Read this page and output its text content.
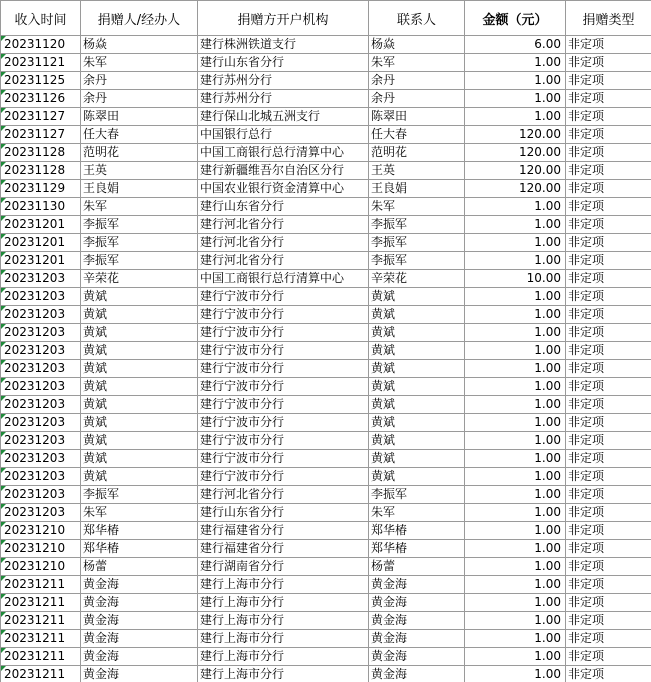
收入时间	捐赠人/经办人	捐赠方开户机构	联系人	金额（元）	捐赠类型

20231120	杨焱	建行株洲铁道支行	杨焱	6.00	非定项

20231121	朱军	建行山东省分行	朱军	1.00	非定项

20231125	余丹	建行苏州分行	余丹	1.00	非定项

20231126	余丹	建行苏州分行	余丹	1.00	非定项

20231127	陈翠田	建行保山北城五洲支行	陈翠田	1.00	非定项

20231127	任大春	中国银行总行	任大春	120.00	非定项

20231128	范明花	中国工商银行总行清算中心	范明花	120.00	非定项

20231128	王英	建行新疆维吾尔自治区分行	王英	120.00	非定项

20231129	王良娟	中国农业银行资金清算中心	王良娟	120.00	非定项

20231130	朱军	建行山东省分行	朱军	1.00	非定项

20231201	李振军	建行河北省分行	李振军	1.00	非定项

20231201	李振军	建行河北省分行	李振军	1.00	非定项

20231201	李振军	建行河北省分行	李振军	1.00	非定项

20231203	辛荣花	中国工商银行总行清算中心	辛荣花	10.00	非定项

20231203	黄斌	建行宁波市分行	黄斌	1.00	非定项

20231203	黄斌	建行宁波市分行	黄斌	1.00	非定项

20231203	黄斌	建行宁波市分行	黄斌	1.00	非定项

20231203	黄斌	建行宁波市分行	黄斌	1.00	非定项

20231203	黄斌	建行宁波市分行	黄斌	1.00	非定项

20231203	黄斌	建行宁波市分行	黄斌	1.00	非定项

20231203	黄斌	建行宁波市分行	黄斌	1.00	非定项

20231203	黄斌	建行宁波市分行	黄斌	1.00	非定项

20231203	黄斌	建行宁波市分行	黄斌	1.00	非定项

20231203	黄斌	建行宁波市分行	黄斌	1.00	非定项

20231203	黄斌	建行宁波市分行	黄斌	1.00	非定项

20231203	李振军	建行河北省分行	李振军	1.00	非定项

20231203	朱军	建行山东省分行	朱军	1.00	非定项

20231210	郑华椿	建行福建省分行	郑华椿	1.00	非定项

20231210	郑华椿	建行福建省分行	郑华椿	1.00	非定项

20231210	杨蕾	建行湖南省分行	杨蕾	1.00	非定项

20231211	黄金海	建行上海市分行	黄金海	1.00	非定项

20231211	黄金海	建行上海市分行	黄金海	1.00	非定项

20231211	黄金海	建行上海市分行	黄金海	1.00	非定项

20231211	黄金海	建行上海市分行	黄金海	1.00	非定项

20231211	黄金海	建行上海市分行	黄金海	1.00	非定项

20231211	黄金海	建行上海市分行	黄金海	1.00	非定项
